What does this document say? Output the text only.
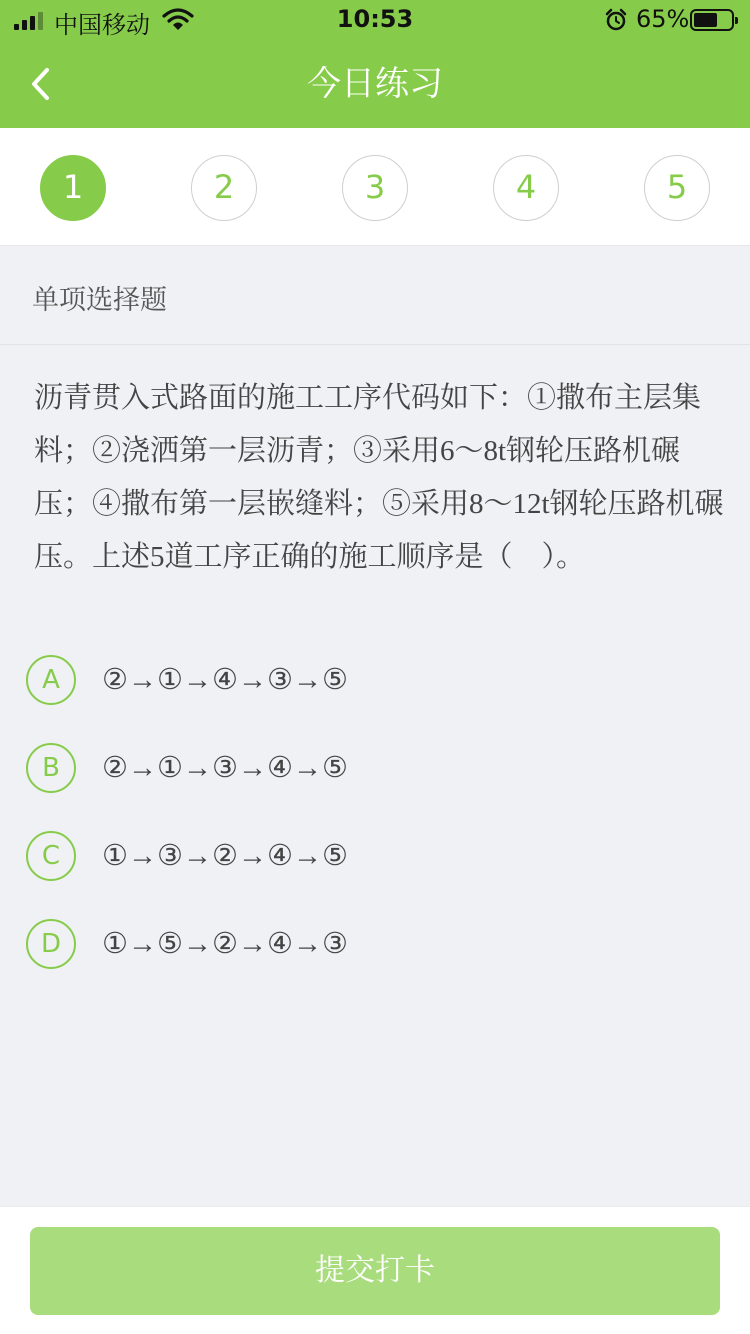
中国移动	10:53	65%
今日练习
1	2	3	4	5
单项选择题
沥青贯入式路面的施工工序代码如下：①撒布主层集料；②浇洒第一层沥青；③采用6～8t钢轮压路机碾压；④撒布第一层嵌缝料；⑤采用8～12t钢轮压路机碾压。上述5道工序正确的施工顺序是（　）。
A	②→①→④→③→⑤
B	②→①→③→④→⑤
C	①→③→②→④→⑤
D	①→⑤→②→④→③
提交打卡
